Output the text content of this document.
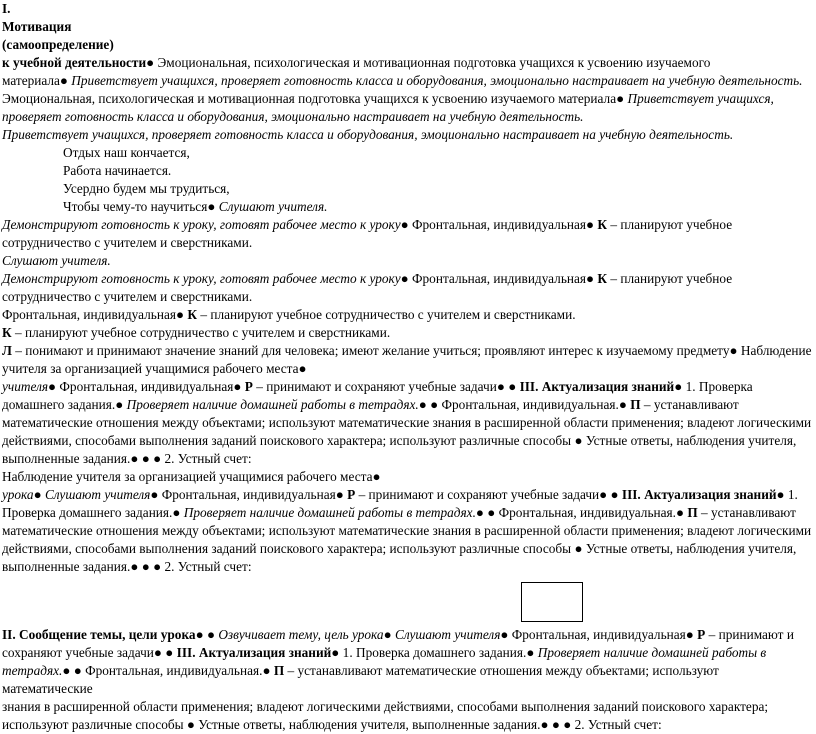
I.

Мотивация

(самоопределение)

к учебной деятельности● Эмоциональная, психологическая и мотивационная подготовка учащихся к усвоению изучаемого

материала● Приветствует учащихся, проверяет готовность класса и оборудования, эмоционально настраивает на учебную деятельность.

Эмоциональная, психологическая и мотивационная подготовка учащихся к усвоению изучаемого материала● Приветствует учащихся,

проверяет готовность класса и оборудования, эмоционально настраивает на учебную деятельность.

Приветствует учащихся, проверяет готовность класса и оборудования, эмоционально настраивает на учебную деятельность.

Отдых наш кончается,

Работа начинается.

Усердно будем мы трудиться,

Чтобы чему-то научиться● Слушают учителя.

Демонстрируют готовность к уроку, готовят рабочее место к уроку● Фронтальная, индивидуальная● К – планируют учебное

сотрудничество с учителем и сверстниками.

Слушают учителя.

Демонстрируют готовность к уроку, готовят рабочее место к уроку● Фронтальная, индивидуальная● К – планируют учебное

сотрудничество с учителем и сверстниками.

Фронтальная, индивидуальная● К – планируют учебное сотрудничество с учителем и сверстниками.

К – планируют учебное сотрудничество с учителем и сверстниками.

Л – понимают и принимают значение знаний для человека; имеют желание учиться; проявляют интерес к изучаемому предмету● Наблюдение

учителя за организацией учащимися рабочего места●

учителя● Фронтальная, индивидуальная● Р – принимают и сохраняют учебные задачи● ● III. Актуализация знаний● 1. Проверка

домашнего задания.● Проверяет наличие домашней работы в тетрадях.● ● Фронтальная, индивидуальная.● П – устанавливают

математические отношения между объектами; используют математические знания в расширенной области применения; владеют логическими

действиями, способами выполнения заданий поискового характера; используют различные способы ● Устные ответы, наблюдения учителя,

выполненные задания.● ● ● 2. Устный счет:

Наблюдение учителя за организацией учащимися рабочего места●

урока● Слушают учителя● Фронтальная, индивидуальная● Р – принимают и сохраняют учебные задачи● ● III. Актуализация знаний● 1.

Проверка домашнего задания.● Проверяет наличие домашней работы в тетрадях.● ● Фронтальная, индивидуальная.● П – устанавливают

математические отношения между объектами; используют математические знания в расширенной области применения; владеют логическими

действиями, способами выполнения заданий поискового характера; используют различные способы ● Устные ответы, наблюдения учителя,

выполненные задания.● ● ● 2. Устный счет:

II. Сообщение темы, цели урока● ● Озвучивает тему, цель урока● Слушают учителя● Фронтальная, индивидуальная● Р – принимают и

сохраняют учебные задачи● ● III. Актуализация знаний● 1. Проверка домашнего задания.● Проверяет наличие домашней работы в

тетрадях.● ● Фронтальная, индивидуальная.● П – устанавливают математические отношения между объектами; используют математические

знания в расширенной области применения; владеют логическими действиями, способами выполнения заданий поискового характера;

используют различные способы ● Устные ответы, наблюдения учителя, выполненные задания.● ● ● 2. Устный счет:
